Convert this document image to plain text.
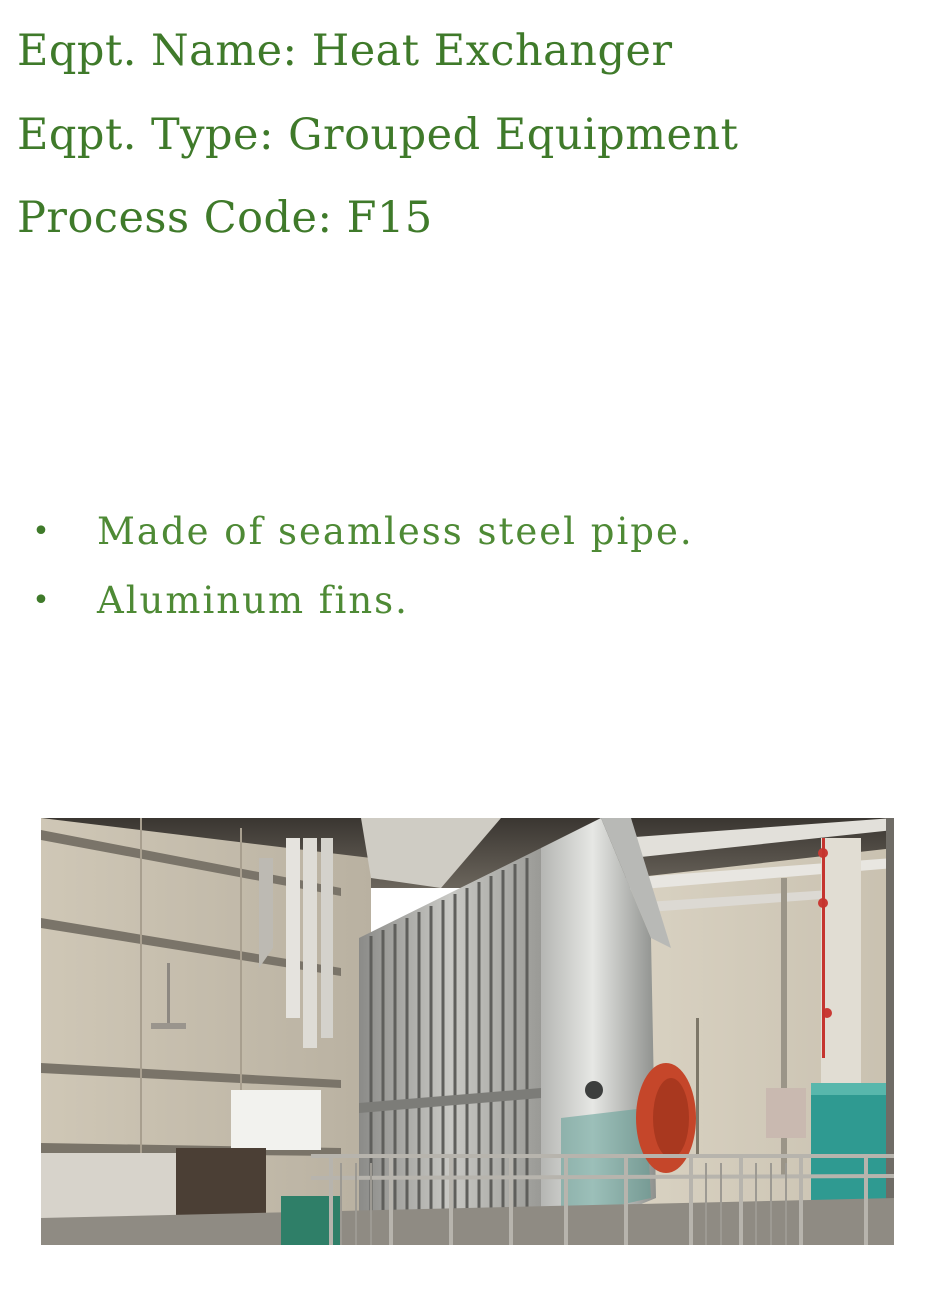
Eqpt. Name: Heat Exchanger

Eqpt. Type: Grouped Equipment

Process Code: F15

•

Made of seamless steel pipe.

•

Aluminum fins.
